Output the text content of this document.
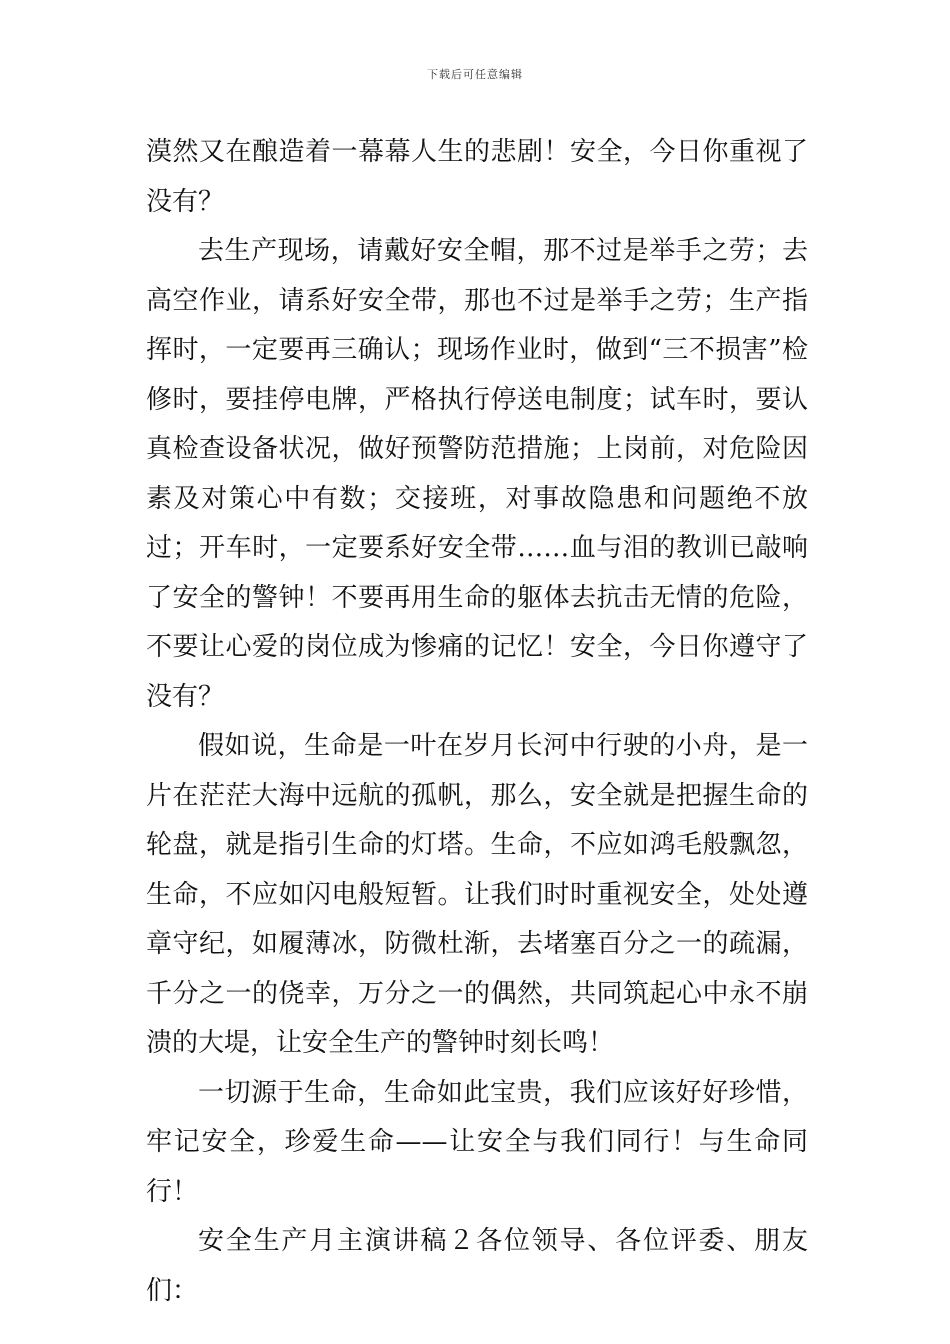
下载后可任意编辑

漠然又在酿造着一幕幕人生的悲剧！安全，今日你重视了没有？

去生产现场，请戴好安全帽，那不过是举手之劳；去高空作业，请系好安全带，那也不过是举手之劳；生产指挥时，一定要再三确认；现场作业时，做到“三不损害”检修时，要挂停电牌，严格执行停送电制度；试车时，要认真检查设备状况，做好预警防范措施；上岗前，对危险因素及对策心中有数；交接班，对事故隐患和问题绝不放过；开车时，一定要系好安全带……血与泪的教训已敲响了安全的警钟！不要再用生命的躯体去抗击无情的危险，不要让心爱的岗位成为惨痛的记忆！安全，今日你遵守了没有？

假如说，生命是一叶在岁月长河中行驶的小舟，是一片在茫茫大海中远航的孤帆，那么，安全就是把握生命的轮盘，就是指引生命的灯塔。生命，不应如鸿毛般飘忽，生命，不应如闪电般短暂。让我们时时重视安全，处处遵章守纪，如履薄冰，防微杜渐，去堵塞百分之一的疏漏，千分之一的侥幸，万分之一的偶然，共同筑起心中永不崩溃的大堤，让安全生产的警钟时刻长鸣！

一切源于生命，生命如此宝贵，我们应该好好珍惜，牢记安全，珍爱生命——让安全与我们同行！与生命同行！

安全生产月主演讲稿２各位领导、各位评委、朋友们：
